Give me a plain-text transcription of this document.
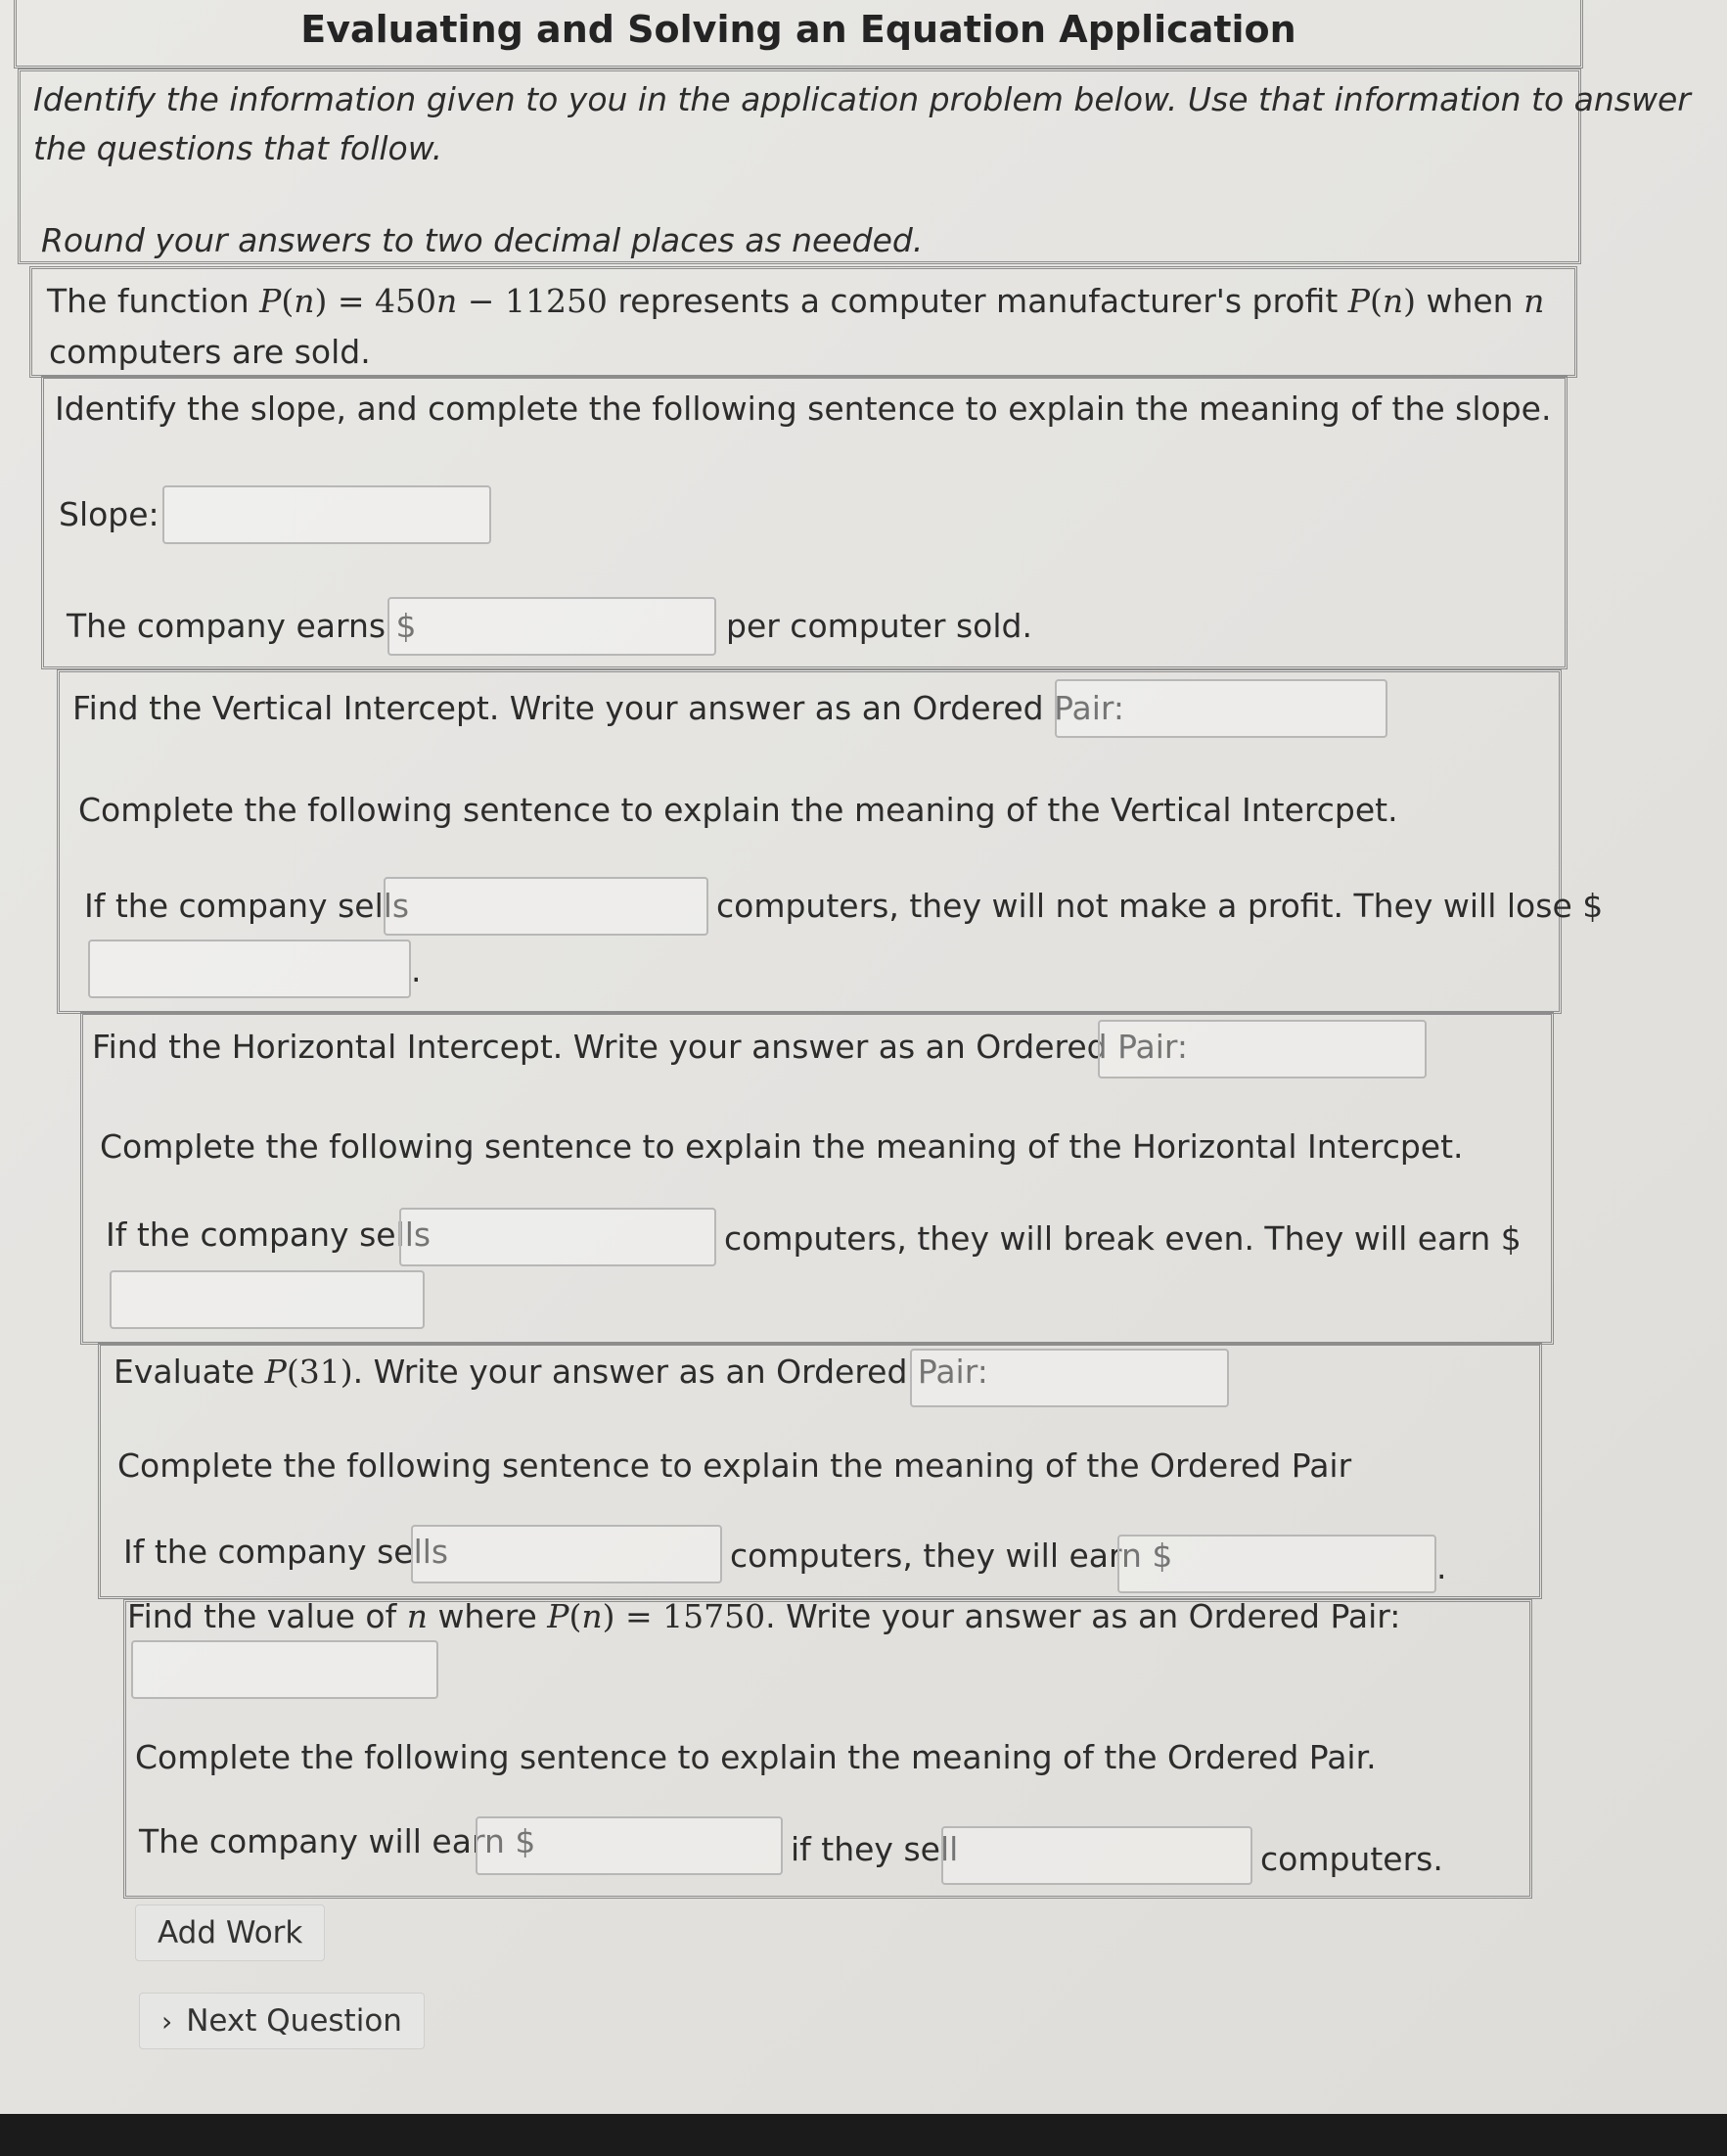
Evaluating and Solving an Equation Application
Identify the information given to you in the application problem below. Use that information to answer
the questions that follow.
Round your answers to two decimal places as needed.
The function P(n) = 450n − 11250 represents a computer manufacturer's profit P(n) when n
computers are sold.
Identify the slope, and complete the following sentence to explain the meaning of the slope.
Slope:
The company earns $	per computer sold.
Find the Vertical Intercept. Write your answer as an Ordered Pair:
Complete the following sentence to explain the meaning of the Vertical Intercpet.
If the company sells	computers, they will not make a profit. They will lose $
.
Find the Horizontal Intercept. Write your answer as an Ordered Pair:
Complete the following sentence to explain the meaning of the Horizontal Intercpet.
If the company sells	computers, they will break even. They will earn $
Evaluate P(31). Write your answer as an Ordered Pair:
Complete the following sentence to explain the meaning of the Ordered Pair
If the company sells	computers, they will earn $	.
Find the value of n where P(n) = 15750. Write your answer as an Ordered Pair:
Complete the following sentence to explain the meaning of the Ordered Pair.
The company will earn $	if they sell	computers.
Add Work
› Next Question
